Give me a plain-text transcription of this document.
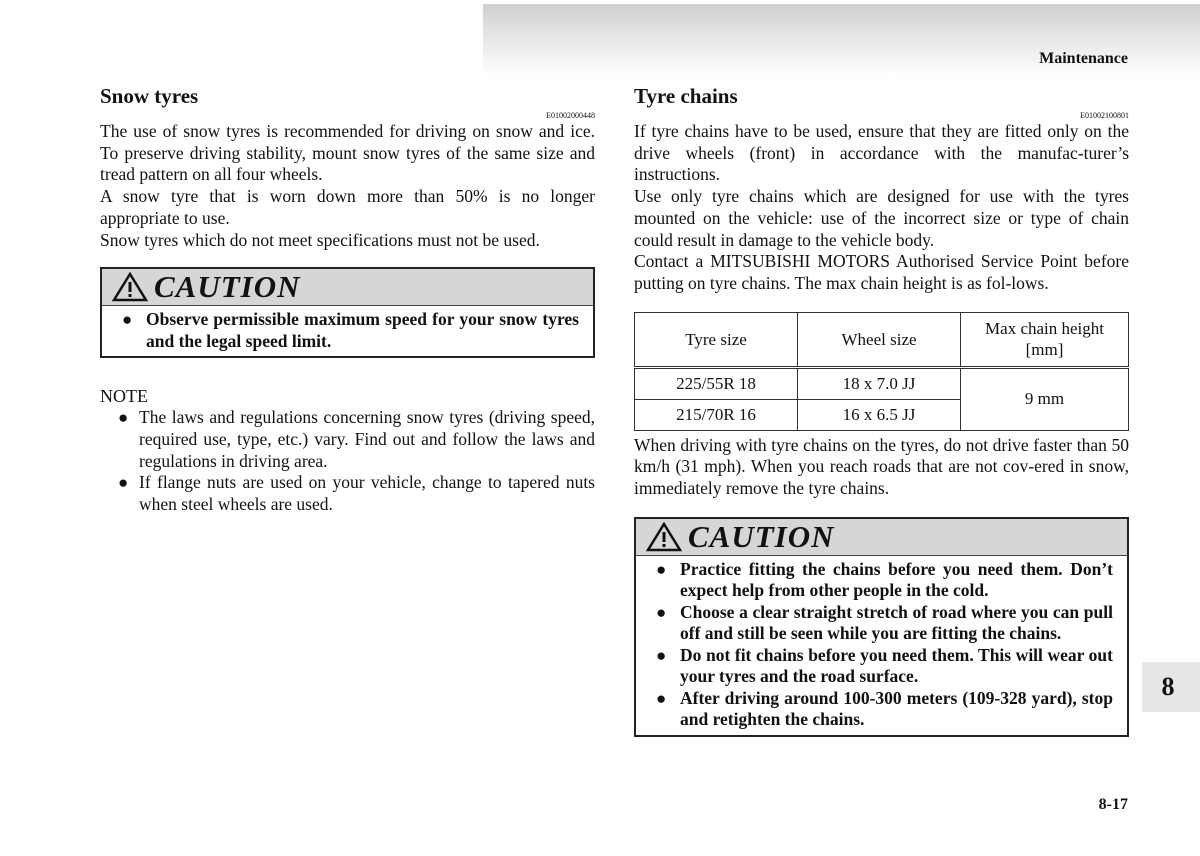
Maintenance
Snow tyres
E01002000448

The use of snow tyres is recommended for driving on snow and ice. To preserve driving stability, mount snow tyres of the same size and tread pattern on all four wheels.

A snow tyre that is worn down more than 50% is no longer appropriate to use.

Snow tyres which do not meet specifications must not be used.

CAUTION
● Observe permissible maximum speed for your snow tyres and the legal speed limit.
NOTE
● The laws and regulations concerning snow tyres (driving speed, required use, type, etc.) vary. Find out and follow the laws and regulations in driving area.
● If flange nuts are used on your vehicle, change to tapered nuts when steel wheels are used.
Tyre chains
E01002100801

If tyre chains have to be used, ensure that they are fitted only on the drive wheels (front) in accordance with the manufac-turer’s instructions.

Use only tyre chains which are designed for use with the tyres mounted on the vehicle: use of the incorrect size or type of chain could result in damage to the vehicle body.

Contact a MITSUBISHI MOTORS Authorised Service Point before putting on tyre chains. The max chain height is as fol-lows.

Tyre size	Wheel size	Max chain height [mm]
225/55R 18	18 x 7.0 JJ	9 mm
215/70R 16	16 x 6.5 JJ	

When driving with tyre chains on the tyres, do not drive faster than 50 km/h (31 mph). When you reach roads that are not cov-ered in snow, immediately remove the tyre chains.

CAUTION
● Practice fitting the chains before you need them. Don’t expect help from other people in the cold.
● Choose a clear straight stretch of road where you can pull off and still be seen while you are fitting the chains.
● Do not fit chains before you need them. This will wear out your tyres and the road surface.
● After driving around 100-300 meters (109-328 yard), stop and retighten the chains.
8
8-17
